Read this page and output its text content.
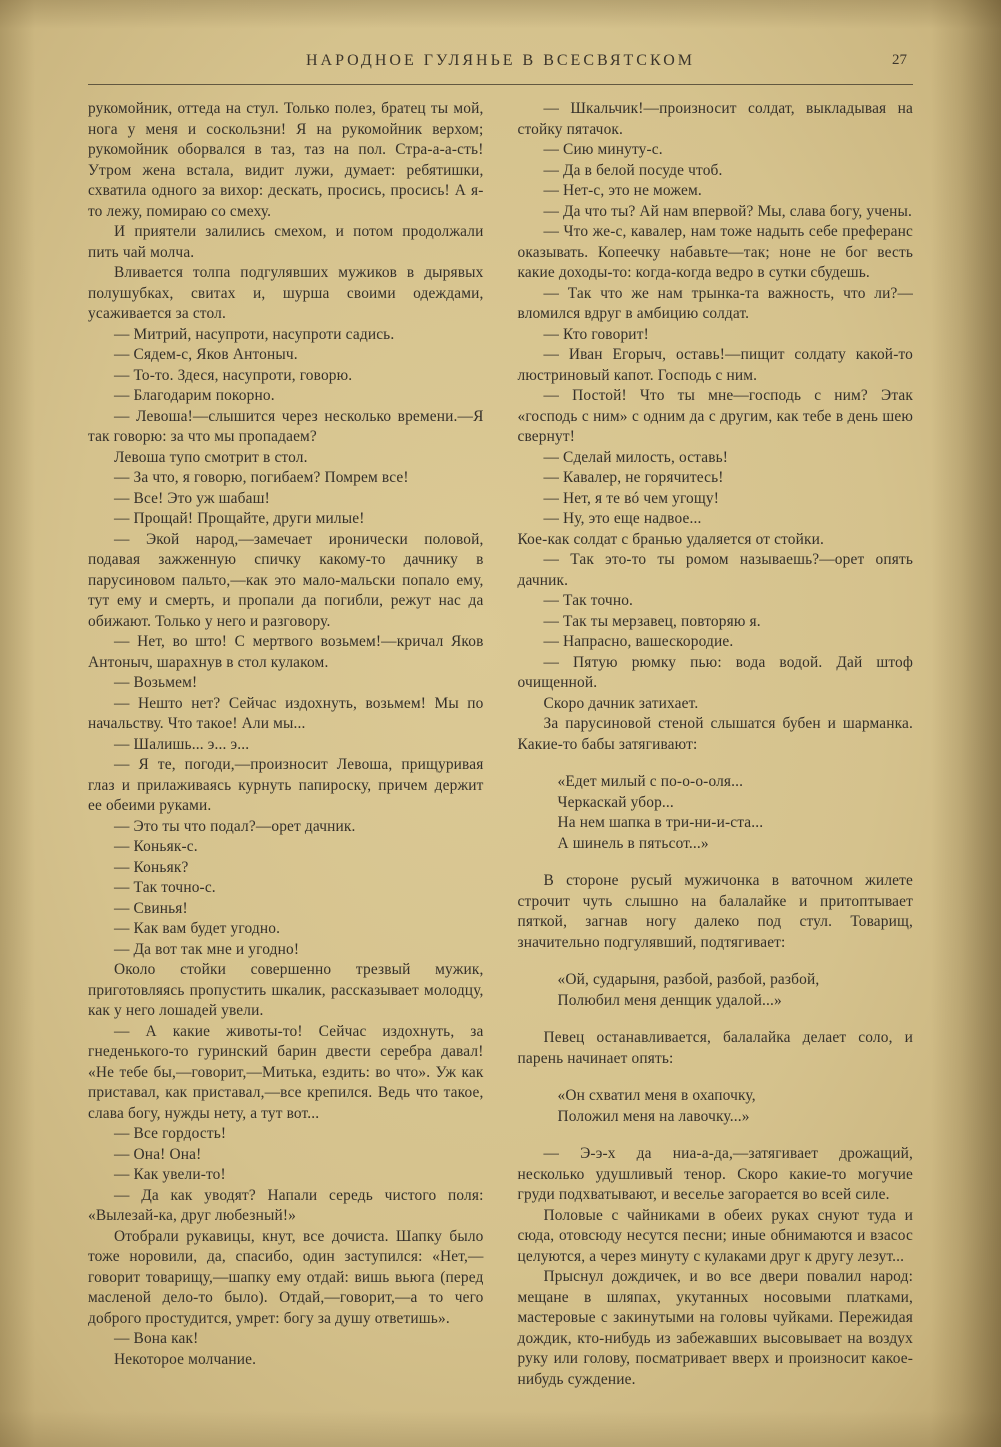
НАРОДНОЕ ГУЛЯНЬЕ В ВСЕСВЯТСКОМ	27

рукомойник, оттеда на стул. Только полез, братец ты мой, нога у меня и соскользни! Я на рукомойник верхом; рукомойник оборвался в таз, таз на пол. Стра-а-а-сть! Утром жена встала, видит лужи, думает: ребятишки, схватила одного за вихор: дескать, просись, просись! А я-то лежу, помираю со смеху.

И приятели залились смехом, и потом продолжали пить чай молча.

Вливается толпа подгулявших мужиков в дырявых полушубках, свитах и, шурша своими одеждами, усаживается за стол.

— Митрий, насупроти, насупроти садись.

— Сядем-с, Яков Антоныч.

— То-то. Здеся, насупроти, говорю.

— Благодарим покорно.

— Левоша!—слышится через несколько времени.—Я так говорю: за что мы пропадаем?

Левоша тупо смотрит в стол.

— За что, я говорю, погибаем? Помрем все!

— Все! Это уж шабаш!

— Прощай! Прощайте, други милые!

— Экой народ,—замечает иронически половой, подавая зажженную спичку какому-то дачнику в парусиновом пальто,—как это мало-мальски попало ему, тут ему и смерть, и пропали да погибли, режут нас да обижают. Только у него и разговору.

— Нет, во што! С мертвого возьмем!—кричал Яков Антоныч, шарахнув в стол кулаком.

— Возьмем!

— Нешто нет? Сейчас издохнуть, возьмем! Мы по начальству. Что такое! Али мы...

— Шалишь... э... э...

— Я те, погоди,—произносит Левоша, прищуривая глаз и прилаживаясь курнуть папироску, причем держит ее обеими руками.

— Это ты что подал?—орет дачник.

— Коньяк-с.

— Коньяк?

— Так точно-с.

— Свинья!

— Как вам будет угодно.

— Да вот так мне и угодно!

Около стойки совершенно трезвый мужик, приготовляясь пропустить шкалик, рассказывает молодцу, как у него лошадей увели.

— А какие животы-то! Сейчас издохнуть, за гнеденького-то гуринский барин двести серебра давал! «Не тебе бы,—говорит,—Митька, ездить: во что». Уж как приставал, как приставал,—все крепился. Ведь что такое, слава богу, нужды нету, а тут вот...

— Все гордость!

— Она! Она!

— Как увели-то!

— Да как уводят? Напали середь чистого поля: «Вылезай-ка, друг любезный!»

Отобрали рукавицы, кнут, все дочиста. Шапку было тоже норовили, да, спасибо, один заступился: «Нет,—говорит товарищу,—шапку ему отдай: вишь вьюга (перед масленой дело-то было). Отдай,—говорит,—а то чего доброго простудится, умрет: богу за душу ответишь».

— Вона как!

Некоторое молчание.

— Шкальчик!—произносит солдат, выкладывая на стойку пятачок.

— Сию минуту-с.

— Да в белой посуде чтоб.

— Нет-с, это не можем.

— Да что ты? Ай нам впервой? Мы, слава богу, учены.

— Что же-с, кавалер, нам тоже надыть себе преферанс оказывать. Копеечку набавьте—так; ноне не бог весть какие доходы-то: когда-когда ведро в сутки сбудешь.

— Так что же нам трынка-та важность, что ли?—вломился вдруг в амбицию солдат.

— Кто говорит!

— Иван Егорыч, оставь!—пищит солдату какой-то люстриновый капот. Господь с ним.

— Постой! Что ты мне—господь с ним? Этак «господь с ним» с одним да с другим, как тебе в день шею свернут!

— Сделай милость, оставь!

— Кавалер, не горячитесь!

— Нет, я те вó чем угощу!

— Ну, это еще надвое...

Кое-как солдат с бранью удаляется от стойки.

— Так это-то ты ромом называешь?—орет опять дачник.

— Так точно.

— Так ты мерзавец, повторяю я.

— Напрасно, вашескородие.

— Пятую рюмку пью: вода водой. Дай штоф очищенной.

Скоро дачник затихает.

За парусиновой стеной слышатся бубен и шарманка. Какие-то бабы затягивают:

«Едет милый с по-о-о-оля...
Черкаскай убор...
На нем шапка в три-ни-и-ста...
А шинель в пятьсот...»

В стороне русый мужичонка в ваточном жилете строчит чуть слышно на балалайке и притоптывает пяткой, загнав ногу далеко под стул. Товарищ, значительно подгулявший, подтягивает:

«Ой, сударыня, разбой, разбой, разбой,
Полюбил меня денщик удалой...»

Певец останавливается, балалайка делает соло, и парень начинает опять:

«Он схватил меня в охапочку,
Положил меня на лавочку...»

— Э-э-х да ниа-а-да,—затягивает дрожащий, несколько удушливый тенор. Скоро какие-то могучие груди подхватывают, и веселье загорается во всей силе.

Половые с чайниками в обеих руках снуют туда и сюда, отовсюду несутся песни; иные обнимаются и взасос целуются, а через минуту с кулаками друг к другу лезут...

Прыснул дождичек, и во все двери повалил народ: мещане в шляпах, укутанных носовыми платками, мастеровые с закинутыми на головы чуйками. Пережидая дождик, кто-нибудь из забежавших высовывает на воздух руку или голову, посматривает вверх и произносит какое-нибудь суждение.
